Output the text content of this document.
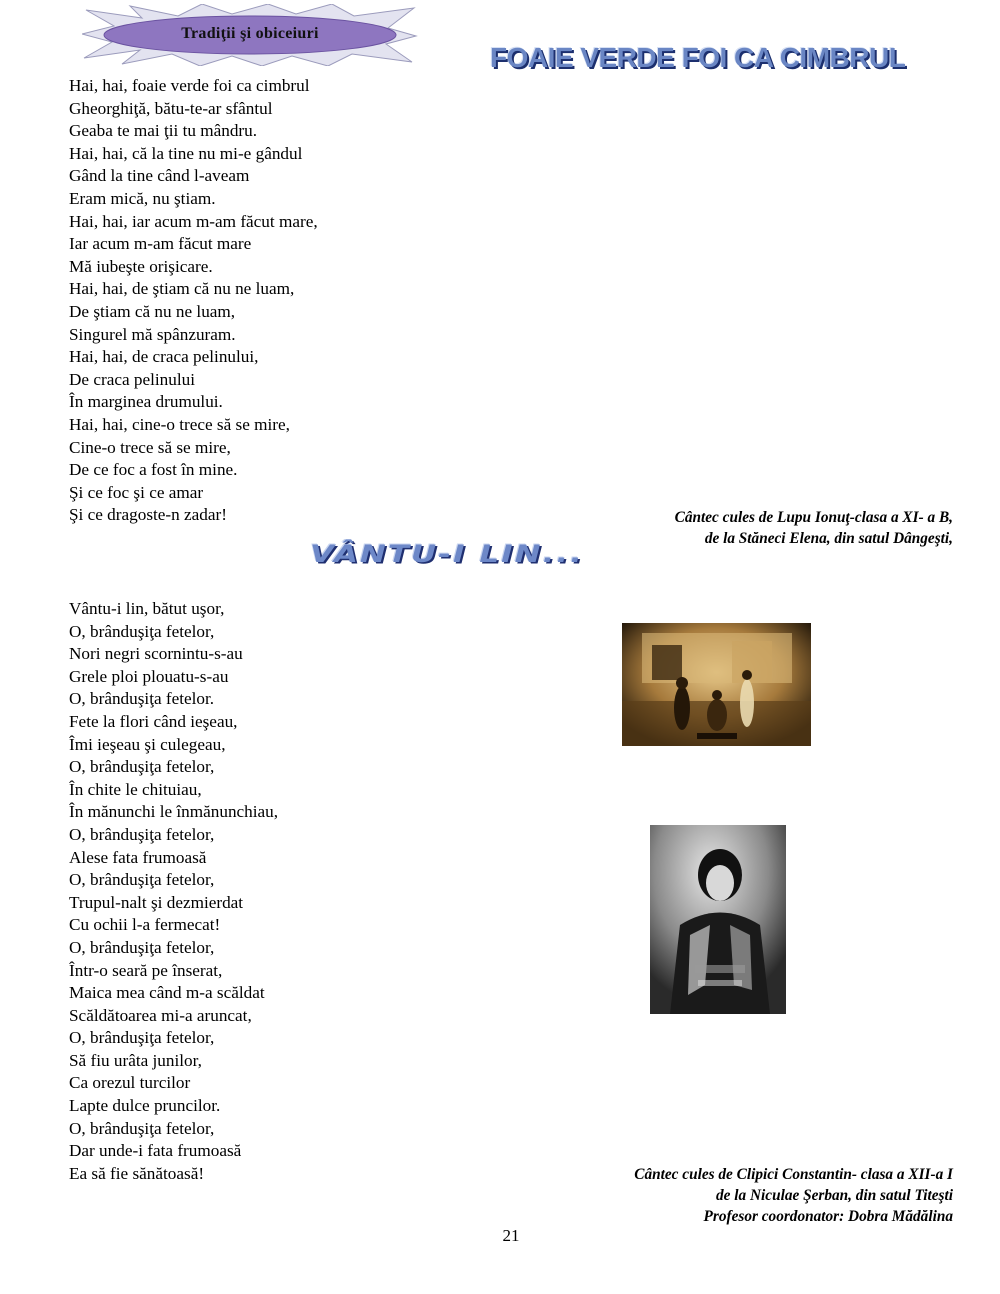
Tradiţii şi obiceiuri
FOAIE VERDE FOI CA CIMBRUL
Hai, hai, foaie verde foi ca cimbrul
Gheorghiţă, bătu-te-ar sfântul
Geaba te mai ţii tu mândru.
Hai, hai, că la tine nu mi-e gândul
Gând la tine când l-aveam
Eram mică, nu ştiam.
Hai, hai, iar acum m-am făcut mare,
Iar acum m-am făcut mare
Mă iubeşte orişicare.
Hai, hai, de ştiam că nu ne luam,
De ştiam că nu ne luam,
Singurel mă spânzuram.
Hai, hai, de craca pelinului,
De craca pelinului
În marginea drumului.
Hai, hai, cine-o trece să se mire,
Cine-o trece să se mire,
De ce foc a fost în mine.
Şi ce foc şi ce amar
Şi ce dragoste-n zadar!	Cântec cules de Lupu Ionuţ-clasa a XI- a B,
de la Stăneci Elena, din satul Dângeşti,
VÂNTU-I LIN...
Vântu-i lin, bătut uşor,
O, brânduşiţa fetelor,
Nori negri scornintu-s-au
Grele ploi plouatu-s-au
O, brânduşiţa fetelor.
Fete la flori când ieşeau,
Îmi ieşeau şi culegeau,
O, brânduşiţa fetelor,
În chite le chituiau,
În mănunchi le înmănunchiau,
O, brânduşiţa fetelor,
Alese fata frumoasă
O, brânduşiţa fetelor,
Trupul-nalt şi dezmierdat
Cu ochii l-a fermecat!
O, brânduşiţa fetelor,
Într-o seară pe înserat,
Maica mea când m-a scăldat
Scăldătoarea mi-a aruncat,
O, brânduşiţa fetelor,
Să fiu urâta junilor,
Ca orezul turcilor
Lapte dulce pruncilor.
O, brânduşiţa fetelor,
Dar unde-i fata frumoasă
Ea să fie sănătoasă!	Cântec cules de Clipici Constantin- clasa a XII-a I
de la Niculae Şerban, din satul Titeşti
Profesor coordonator: Dobra Mădălina
21
